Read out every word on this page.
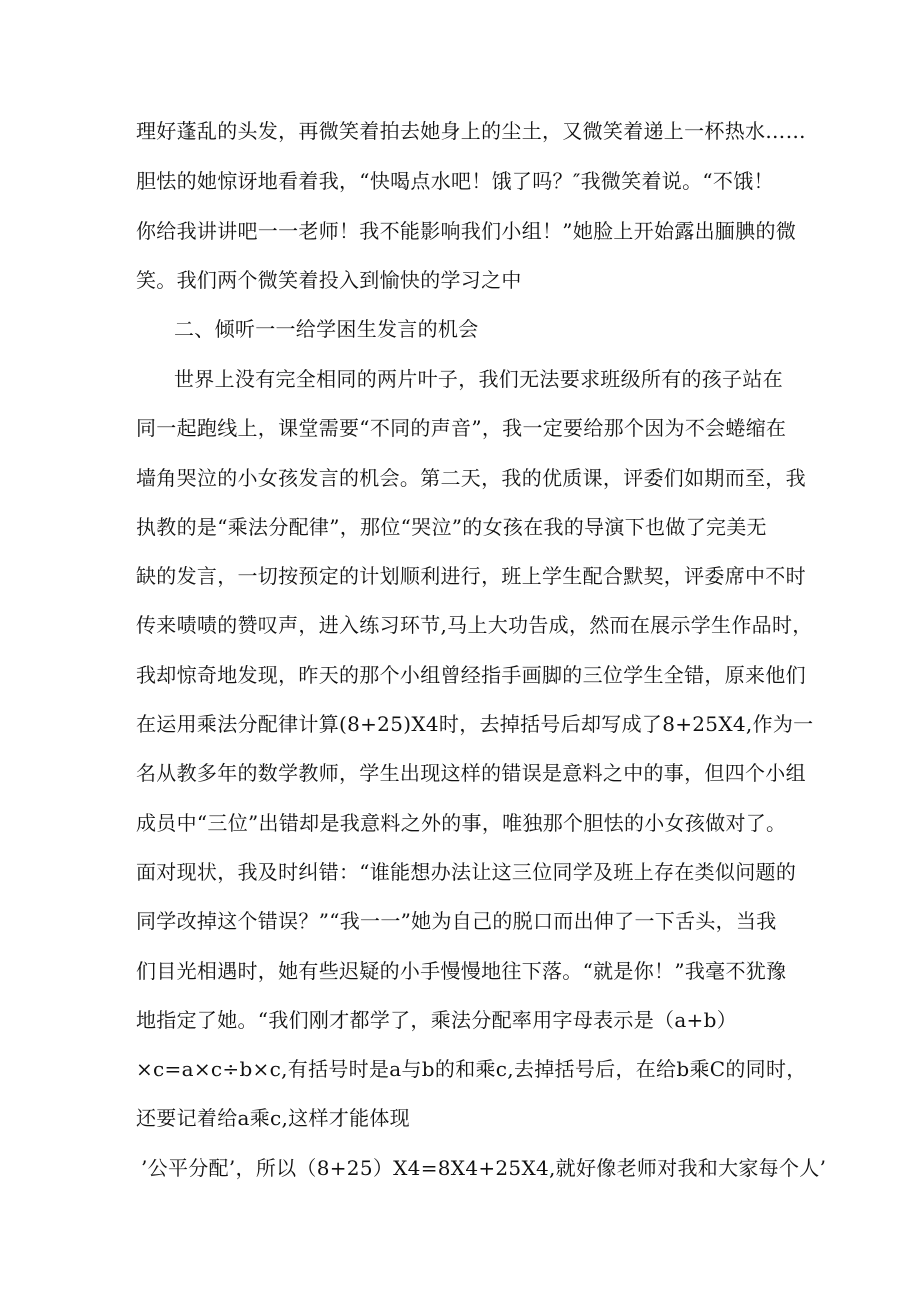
理好蓬乱的头发，再微笑着拍去她身上的尘土，又微笑着递上一杯热水……

胆怯的她惊讶地看着我，“快喝点水吧！饿了吗？″我微笑着说。“不饿！

你给我讲讲吧一一老师！我不能影响我们小组！”她脸上开始露出腼腆的微

笑。我们两个微笑着投入到愉快的学习之中

二、倾听一一给学困生发言的机会

世界上没有完全相同的两片叶子，我们无法要求班级所有的孩子站在

同一起跑线上，课堂需要“不同的声音”，我一定要给那个因为不会蜷缩在

墙角哭泣的小女孩发言的机会。第二天，我的优质课，评委们如期而至，我

执教的是“乘法分配律”，那位“哭泣”的女孩在我的导演下也做了完美无

缺的发言，一切按预定的计划顺利进行，班上学生配合默契，评委席中不时

传来啧啧的赞叹声，进入练习环节,马上大功告成，然而在展示学生作品时，

我却惊奇地发现，昨天的那个小组曾经指手画脚的三位学生全错，原来他们

在运用乘法分配律计算(8+25)X4时，去掉括号后却写成了8+25X4,作为一

名从教多年的数学教师，学生出现这样的错误是意料之中的事，但四个小组

成员中“三位”出错却是我意料之外的事，唯独那个胆怯的小女孩做对了。

面对现状，我及时纠错：“谁能想办法让这三位同学及班上存在类似问题的

同学改掉这个错误？”“我一一”她为自己的脱口而出伸了一下舌头，当我

们目光相遇时，她有些迟疑的小手慢慢地往下落。“就是你！”我毫不犹豫

地指定了她。“我们刚才都学了，乘法分配率用字母表示是（a+b）

×c=a×c÷b×c,有括号时是a与b的和乘c,去掉括号后，在给b乘C的同时，

还要记着给a乘c,这样才能体现

’公平分配’，所以（8+25）X4=8X4+25X4,就好像老师对我和大家每个人’
